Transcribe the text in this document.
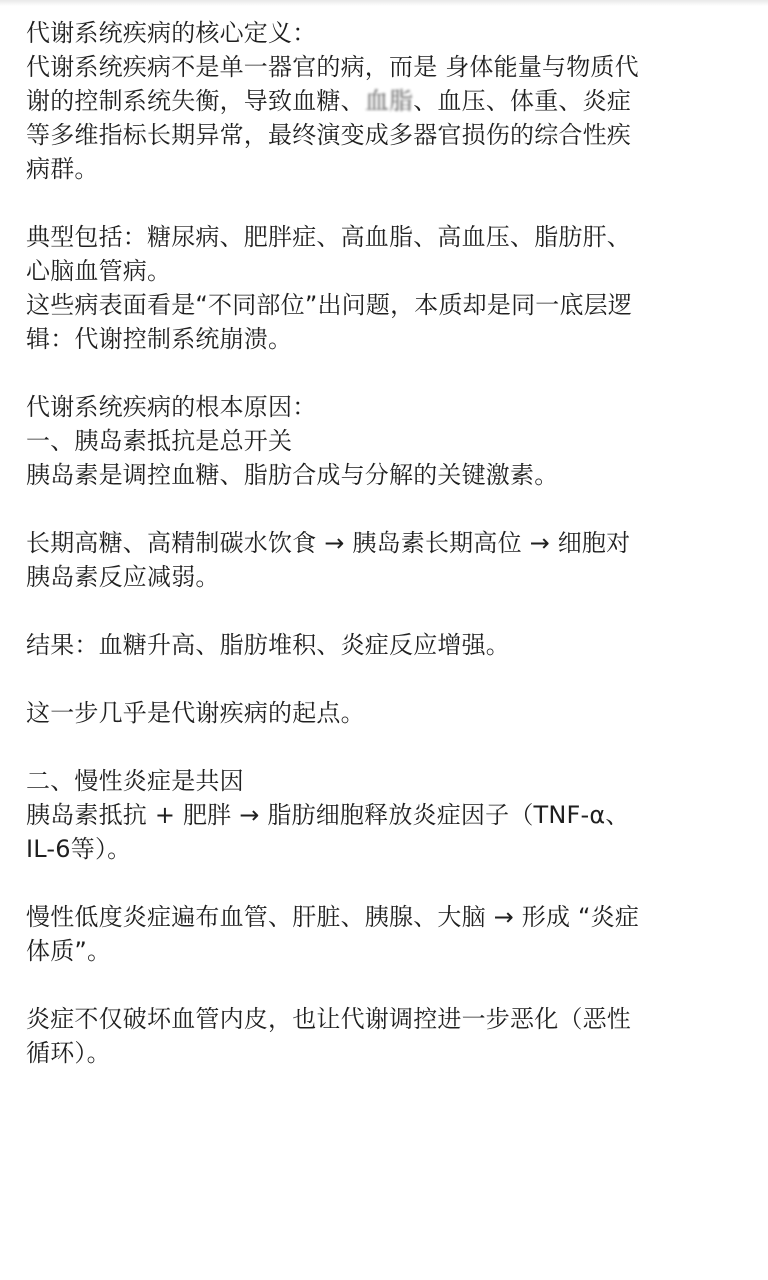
代谢系统疾病的核心定义：
代谢系统疾病不是单一器官的病，而是 身体能量与物质代
谢的控制系统失衡，导致血糖、血脂、血压、体重、炎症
等多维指标长期异常，最终演变成多器官损伤的综合性疾
病群。
典型包括：糖尿病、肥胖症、高血脂、高血压、脂肪肝、
心脑血管病。
这些病表面看是“不同部位”出问题，本质却是同一底层逻
辑：代谢控制系统崩溃。
代谢系统疾病的根本原因：
一、胰岛素抵抗是总开关
胰岛素是调控血糖、脂肪合成与分解的关键激素。
长期高糖、高精制碳水饮食 → 胰岛素长期高位 → 细胞对
胰岛素反应减弱。
结果：血糖升高、脂肪堆积、炎症反应增强。
这一步几乎是代谢疾病的起点。
二、慢性炎症是共因
胰岛素抵抗 + 肥胖 → 脂肪细胞释放炎症因子（TNF-α、
IL-6等）。
慢性低度炎症遍布血管、肝脏、胰腺、大脑 → 形成 “炎症
体质”。
炎症不仅破坏血管内皮，也让代谢调控进一步恶化（恶性
循环）。
